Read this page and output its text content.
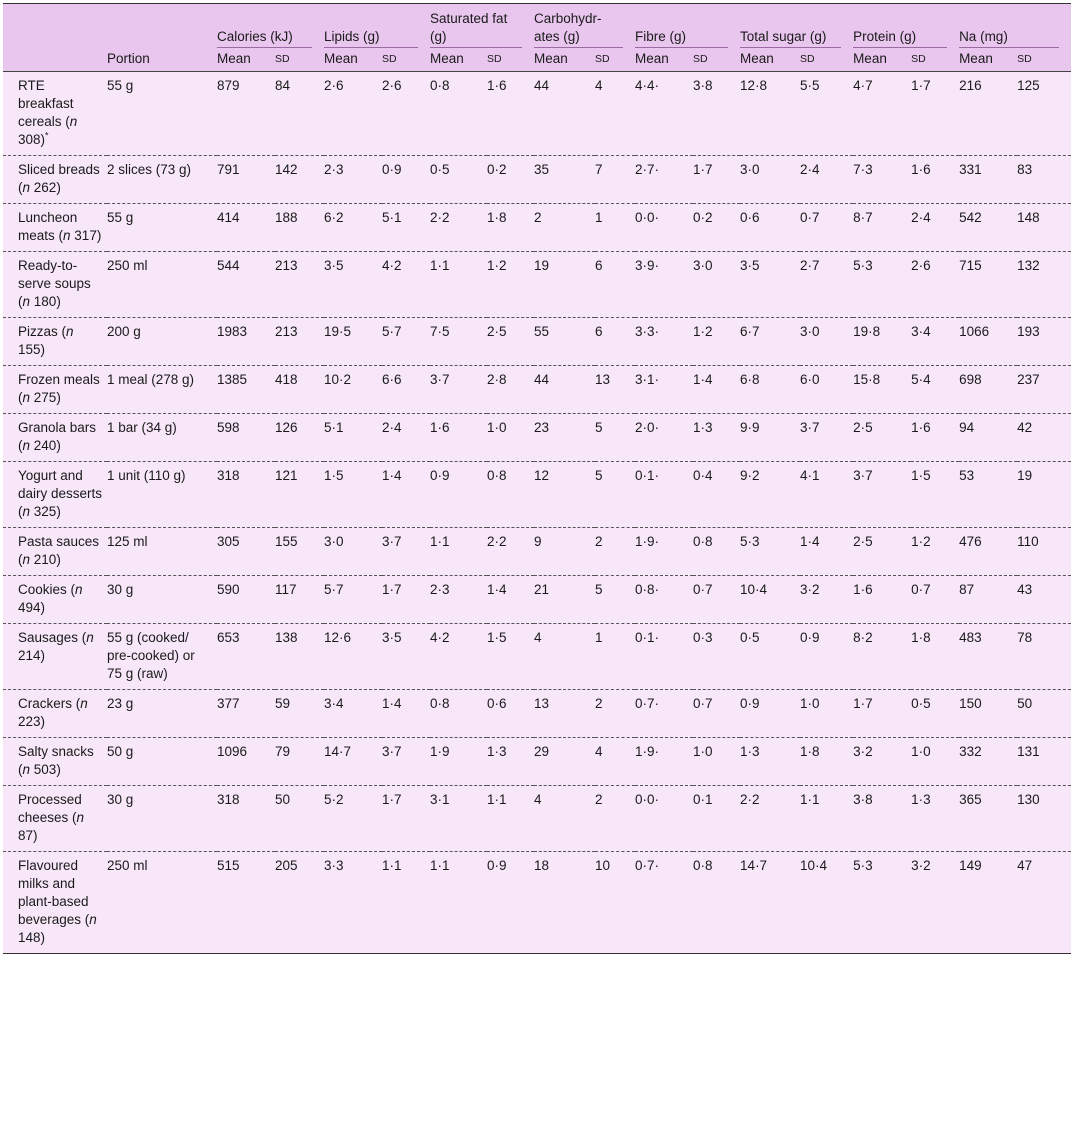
		Calories (kJ)		Lipids (g)		Saturated fat (g)		Carbohydr-ates (g)		Fibre (g)		Total sugar (g)		Protein (g)		Na (mg)	

	Portion	Mean	SD	Mean	SD	Mean	SD	Mean	SD	Mean	SD	Mean	SD	Mean	SD	Mean	SD
RTE breakfast cereals (n 308)*	55 g	879	84	2·6	2·6	0·8	1·6	44	4	4·4·	3·8	12·8	5·5	4·7	1·7	216	125
Sliced breads (n 262)	2 slices (73 g)	791	142	2·3	0·9	0·5	0·2	35	7	2·7·	1·7	3·0	2·4	7·3	1·6	331	83
Luncheon meats (n 317)	55 g	414	188	6·2	5·1	2·2	1·8	2	1	0·0·	0·2	0·6	0·7	8·7	2·4	542	148
Ready-to-serve soups (n 180)	250 ml	544	213	3·5	4·2	1·1	1·2	19	6	3·9·	3·0	3·5	2·7	5·3	2·6	715	132
Pizzas (n 155)	200 g	1983	213	19·5	5·7	7·5	2·5	55	6	3·3·	1·2	6·7	3·0	19·8	3·4	1066	193
Frozen meals (n 275)	1 meal (278 g)	1385	418	10·2	6·6	3·7	2·8	44	13	3·1·	1·4	6·8	6·0	15·8	5·4	698	237
Granola bars (n 240)	1 bar (34 g)	598	126	5·1	2·4	1·6	1·0	23	5	2·0·	1·3	9·9	3·7	2·5	1·6	94	42
Yogurt and dairy desserts (n 325)	1 unit (110 g)	318	121	1·5	1·4	0·9	0·8	12	5	0·1·	0·4	9·2	4·1	3·7	1·5	53	19
Pasta sauces (n 210)	125 ml	305	155	3·0	3·7	1·1	2·2	9	2	1·9·	0·8	5·3	1·4	2·5	1·2	476	110
Cookies (n 494)	30 g	590	117	5·7	1·7	2·3	1·4	21	5	0·8·	0·7	10·4	3·2	1·6	0·7	87	43
Sausages (n 214)	55 g (cooked/ pre-cooked) or 75 g (raw)	653	138	12·6	3·5	4·2	1·5	4	1	0·1·	0·3	0·5	0·9	8·2	1·8	483	78
Crackers (n 223)	23 g	377	59	3·4	1·4	0·8	0·6	13	2	0·7·	0·7	0·9	1·0	1·7	0·5	150	50
Salty snacks (n 503)	50 g	1096	79	14·7	3·7	1·9	1·3	29	4	1·9·	1·0	1·3	1·8	3·2	1·0	332	131
Processed cheeses (n 87)	30 g	318	50	5·2	1·7	3·1	1·1	4	2	0·0·	0·1	2·2	1·1	3·8	1·3	365	130
Flavoured milks and plant-based beverages (n 148)	250 ml	515	205	3·3	1·1	1·1	0·9	18	10	0·7·	0·8	14·7	10·4	5·3	3·2	149	47
